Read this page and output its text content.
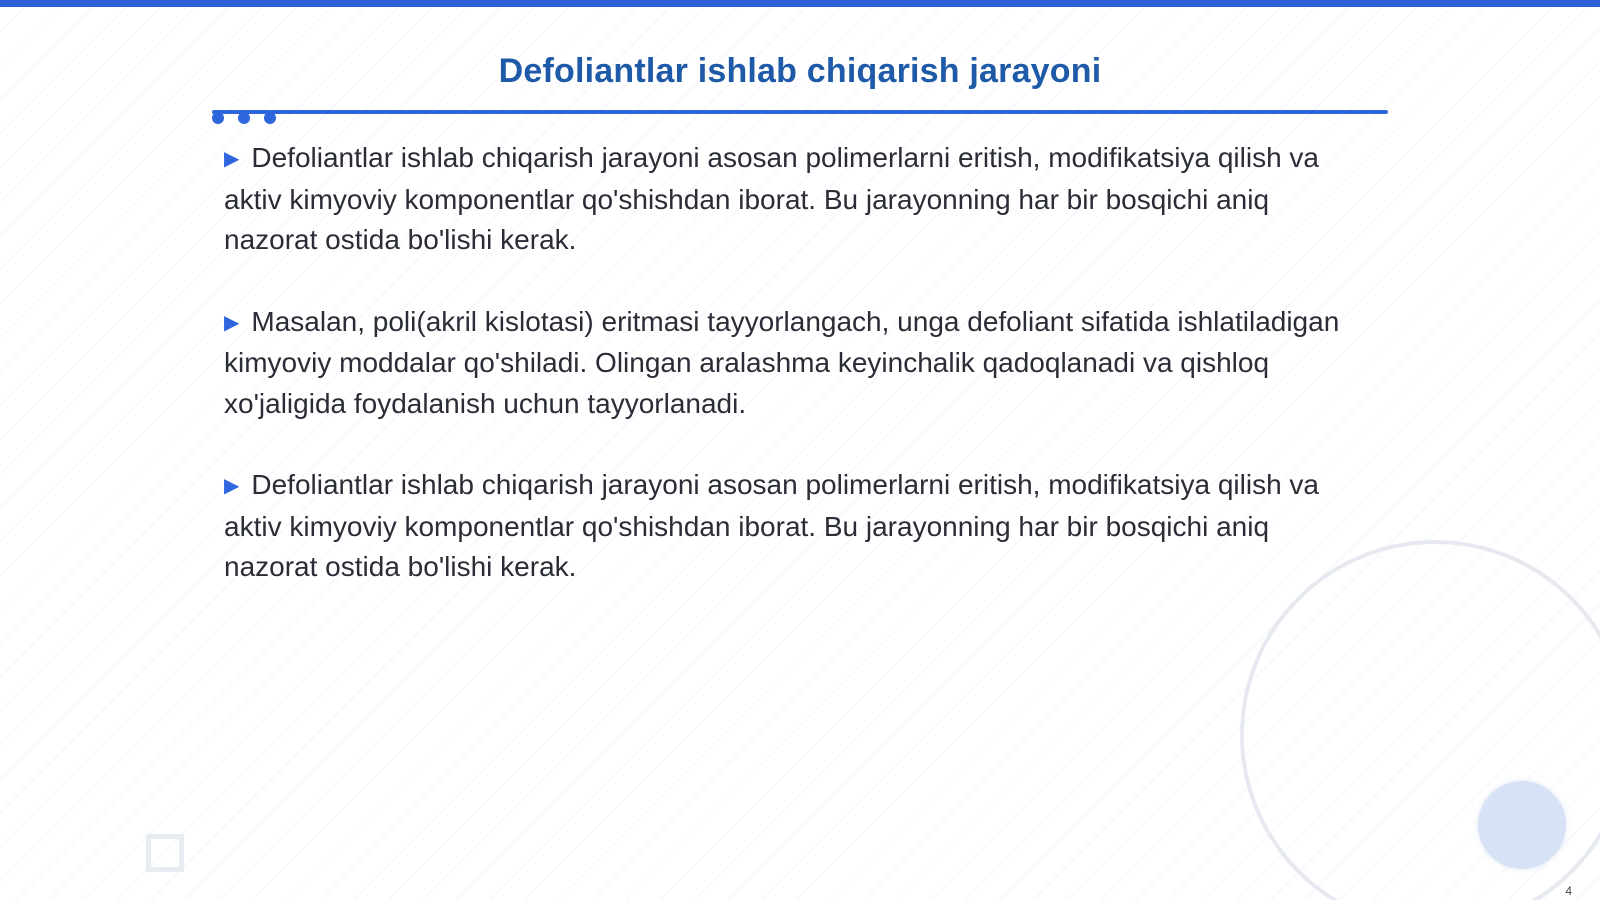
Defoliantlar ishlab chiqarish jarayoni

▶ Defoliantlar ishlab chiqarish jarayoni asosan polimerlarni eritish, modifikatsiya qilish va aktiv kimyoviy komponentlar qo'shishdan iborat. Bu jarayonning har bir bosqichi aniq nazorat ostida bo'lishi kerak.

▶ Masalan, poli(akril kislotasi) eritmasi tayyorlangach, unga defoliant sifatida ishlatiladigan kimyoviy moddalar qo'shiladi. Olingan aralashma keyinchalik qadoqlanadi va qishloq xo'jaligida foydalanish uchun tayyorlanadi.

▶ Defoliantlar ishlab chiqarish jarayoni asosan polimerlarni eritish, modifikatsiya qilish va aktiv kimyoviy komponentlar qo'shishdan iborat. Bu jarayonning har bir bosqichi aniq nazorat ostida bo'lishi kerak.

4
